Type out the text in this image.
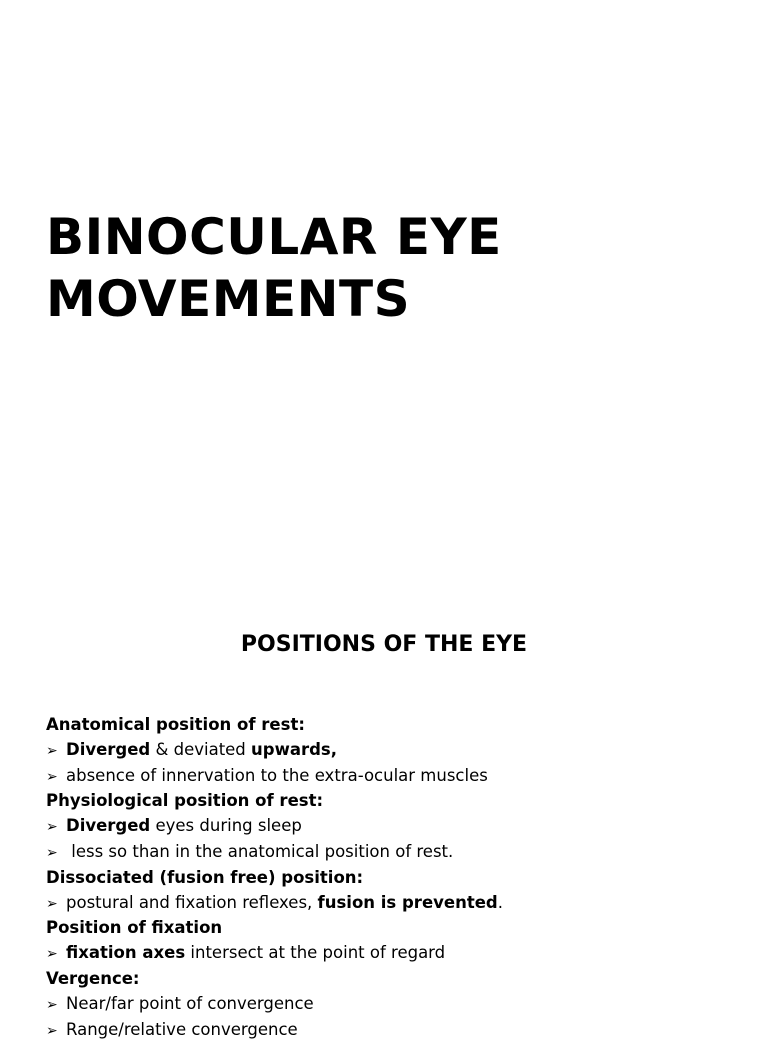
BINOCULAR EYE
MOVEMENTS
POSITIONS OF THE EYE
Anatomical position of rest:
➢ Diverged & deviated upwards,
➢ absence of innervation to the extra-ocular muscles
Physiological position of rest:
➢ Diverged eyes during sleep
➢ less so than in the anatomical position of rest.
Dissociated (fusion free) position:
➢ postural and fixation reflexes, fusion is prevented.
Position of fixation
➢ fixation axes intersect at the point of regard
Vergence:
➢ Near/far point of convergence
➢ Range/relative convergence
